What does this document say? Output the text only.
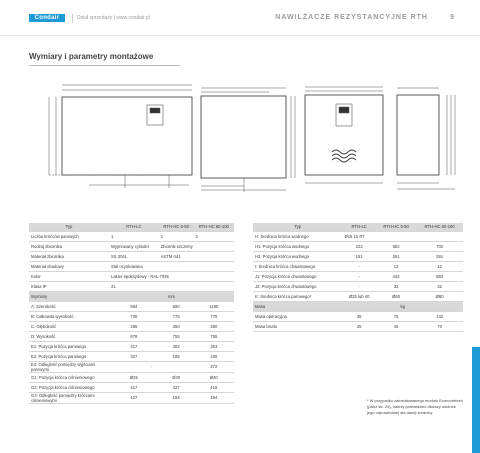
Condair	Dział sprzedaży | www.condair.pl	NAWILŻACZE REZYSTANCYJNE RTH	9
Wymiary i parametry montażowe
Typ	RTH-LC	RTH-HC 5-50	RTH-HC 80-100
Liczba króćców parowych	1	1	2
Rodzaj zbiornika	Wyjmowany cylinder	Zbiornik szczelny	
Materiał zbiornika	SS 304L	ASTM 441	
Materiał obudowy	Stal ocynkowana		
Kolor	Lakier epoksydowy - RAL 7035		
Klasa IP	21		
Wymiary	mm		
A: Szerokość	554	690	1180
B: Całkowita wysokość	730	775	775
C: Głębokość	285	350	350
D: Wysokość	678	755	755
E1: Pozycja króćca parowego	417	362	353
E2: Pozycja króćca parowego	327	165	165
E3: Odległość pomiędzy wyjściami parowymi	-		372
G1: Pozycja króćca ciśnieniowego	Ø25	Ø40	Ø40
G2: Pozycja króćca ciśnieniowego	417	427	416
G3: Odległość pomiędzy króćcami ciśnieniowymi	127	164	164
Typ	RTH-LC	RTH-HC 5-50	RTH-HC 80-100
H: Średnica króćca wodnego	Ø15 15 RT		
H1: Pozycja króćca wodnego	222	582	702
H2: Pozycja króćca wodnego	181	261	261
I: Średnica króćca chwastowego	-	12	12
J1: Pozycja króćca chwastowego	-	442	863
J2: Pozycja króćca chwastowego	-	32	32
K: Średnica króćca parowego*	Ø25 lub 40	Ø60	Ø80
Masa	kg		
Masa operacyjna	35	75	142
Masa brutto	25	45	70
* W przypadku zainstalowanego modułu Economfresh (patrz str. 24), należy przewidzieć dłuższy odcinek jego odpowiedniej dla danej średnicy.
